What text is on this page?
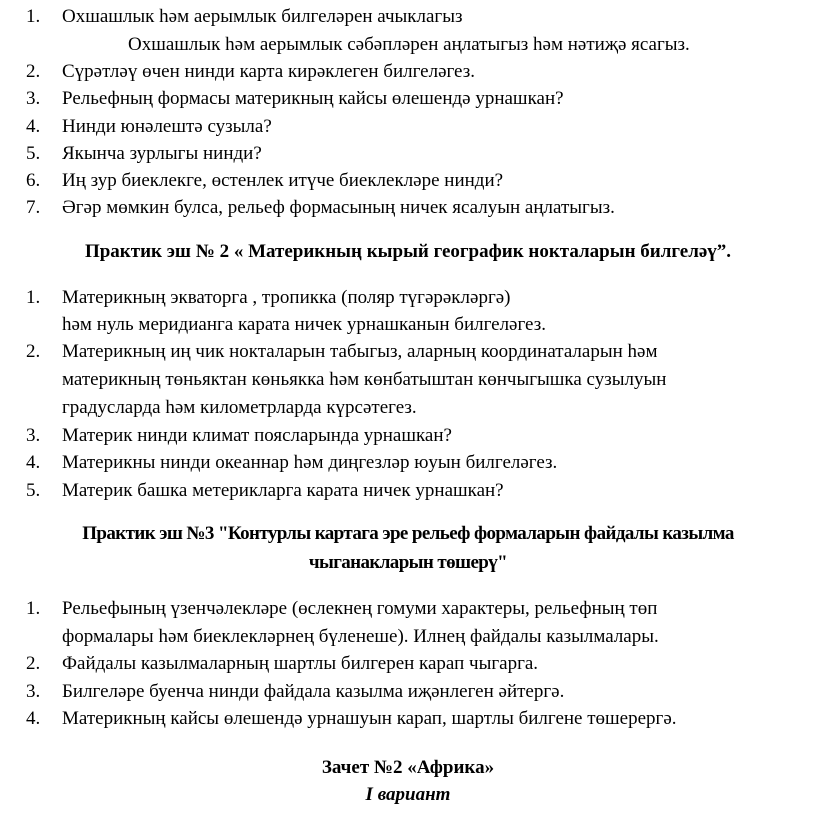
1.	Охшашлык һәм аерымлык билгеләрен ачыклагыз
Охшашлык һәм аерымлык сәбәпләрен аңлатыгыз һәм нәтиҗә ясагыз.
2.	Сүрәтләү өчен нинди карта кирәклеген билгеләгез.
3.	Рельефның формасы материкның кайсы өлешендә урнашкан?
4.	Нинди юнәлештә сузыла?
5.	Якынча зурлыгы нинди?
6.	Иң зур биеклекге, өстенлек итүче биеклекләре нинди?
7.	Әгәр мөмкин булса, рельеф формасының ничек ясалуын аңлатыгыз.
Практик эш № 2 « Материкның кырый географик нокталарын билгеләү”.
1.	Материкның экваторга , тропикка (поляр түгәрәкләргә)
һәм нуль меридианга карата ничек урнашканын билгеләгез.
2.	Материкның иң чик нокталарын табыгыз, аларның координаталарын һәм
материкның төньяктан көньякка һәм көнбатыштан көнчыгышка сузылуын
градусларда һәм километрларда күрсәтегез.
3.	Материк нинди климат поясларында урнашкан?
4.	Материкны нинди океаннар һәм диңгезләр юуын билгеләгез.
5.	Материк башка метерикларга карата ничек урнашкан?
Практик эш №3 "Контурлы картага эре рельеф формаларын файдалы казылма
чыганакларын төшерү"
1.	Рельефының үзенчәлекләре (өслекнең гомуми характеры, рельефның төп
формалары һәм биеклекләрнең бүленеше). Илнең файдалы казылмалары.
2.	Файдалы казылмаларның шартлы билгерен карап чыгарга.
3.	Билгеләре буенча нинди файдала казылма иҗәнлеген әйтергә.
4.	Материкның кайсы өлешендә урнашуын карап, шартлы билгене төшерергә.
Зачет №2 «Африка»
I вариант
